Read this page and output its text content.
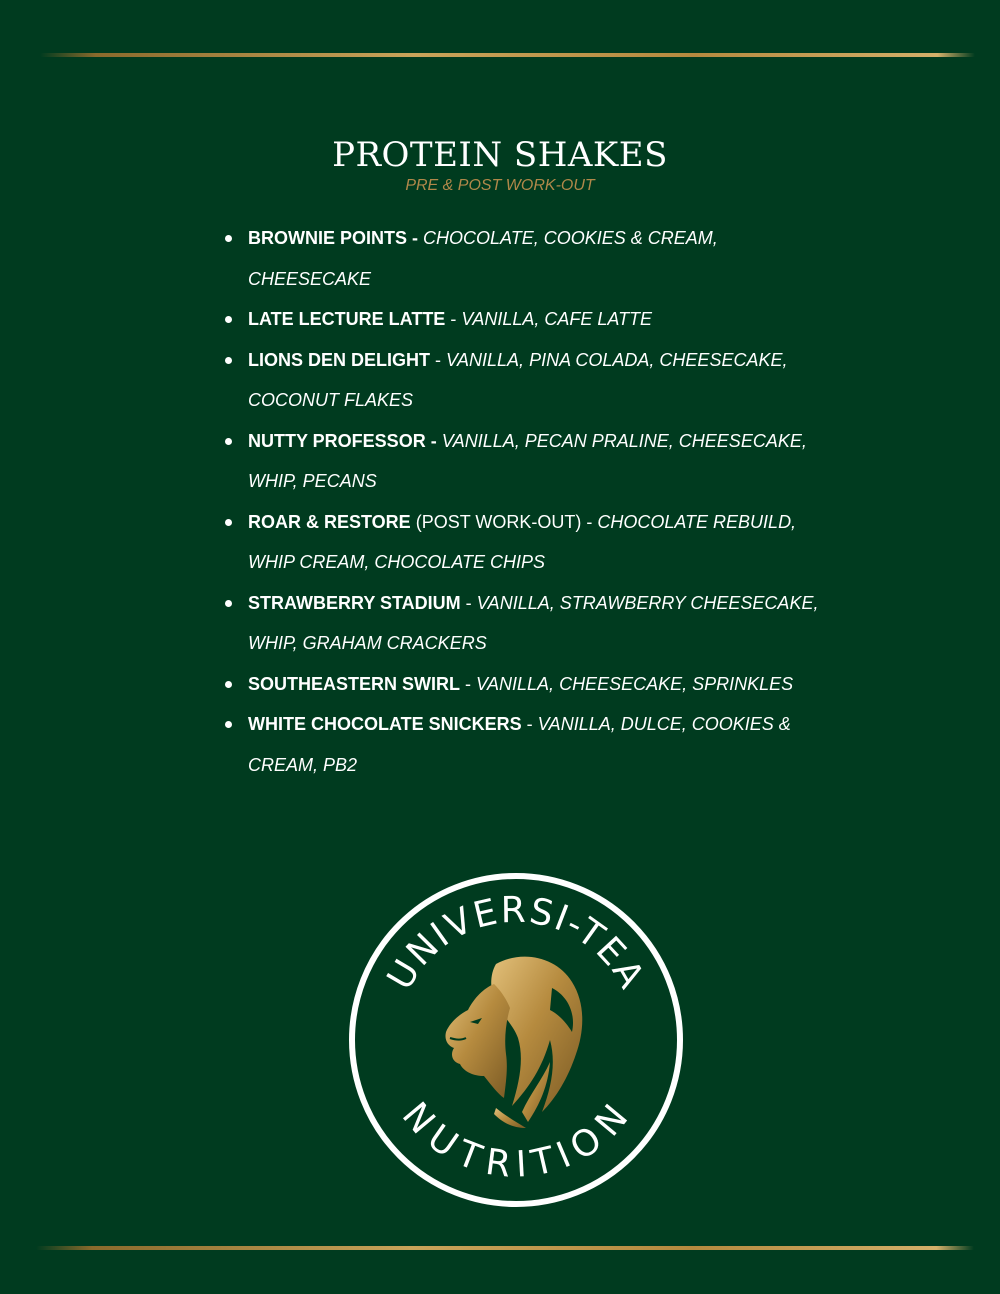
PROTEIN SHAKES
PRE & POST WORK-OUT
BROWNIE POINTS - CHOCOLATE, COOKIES & CREAM, CHEESECAKE
LATE LECTURE LATTE - VANILLA, CAFE LATTE
LIONS DEN DELIGHT - VANILLA, PINA COLADA, CHEESECAKE, COCONUT FLAKES
NUTTY PROFESSOR - VANILLA, PECAN PRALINE, CHEESECAKE, WHIP, PECANS
ROAR & RESTORE (POST WORK-OUT) - CHOCOLATE REBUILD, WHIP CREAM, CHOCOLATE CHIPS
STRAWBERRY STADIUM - VANILLA, STRAWBERRY CHEESECAKE, WHIP, GRAHAM CRACKERS
SOUTHEASTERN SWIRL - VANILLA, CHEESECAKE, SPRINKLES
WHITE CHOCOLATE SNICKERS - VANILLA, DULCE, COOKIES & CREAM, PB2
UNIVERSI-TEA
NUTRITION
